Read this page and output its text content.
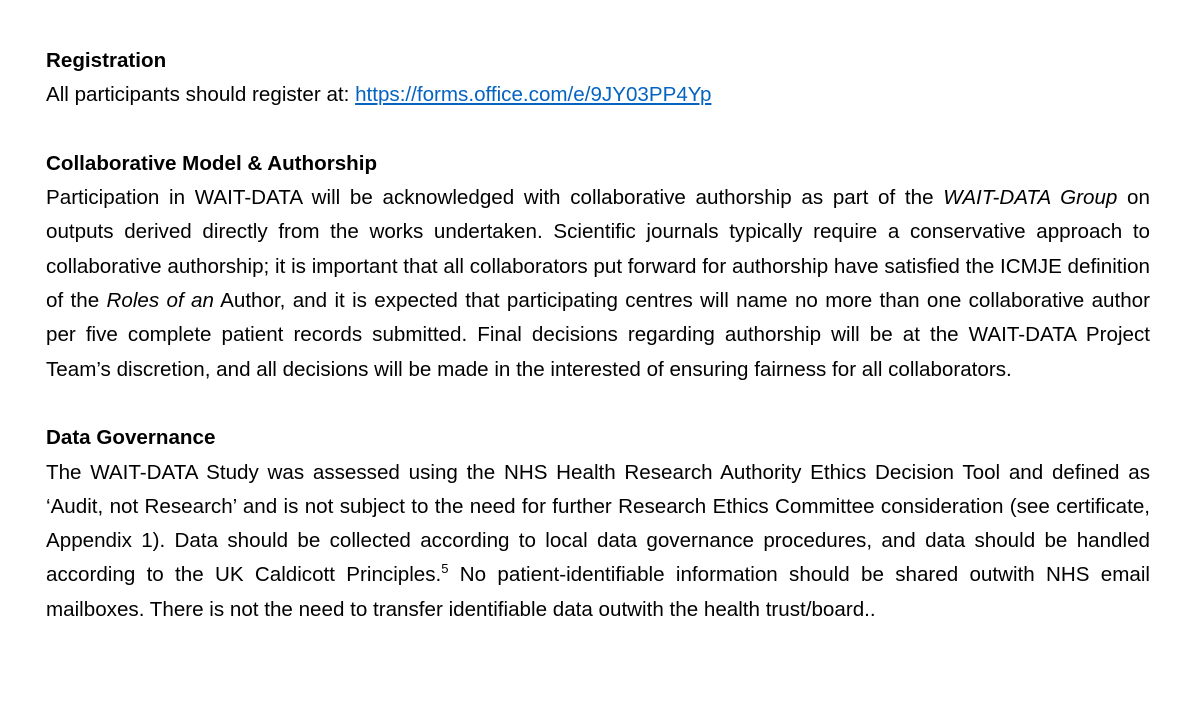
Registration

All participants should register at: https://forms.office.com/e/9JY03PP4Yp

Collaborative Model & Authorship

Participation in WAIT-DATA will be acknowledged with collaborative authorship as part of the WAIT-DATA Group on outputs derived directly from the works undertaken. Scientific journals typically require a conservative approach to collaborative authorship; it is important that all collaborators put forward for authorship have satisfied the ICMJE definition of the Roles of an Author, and it is expected that participating centres will name no more than one collaborative author per five complete patient records submitted. Final decisions regarding authorship will be at the WAIT-DATA Project Team’s discretion, and all decisions will be made in the interested of ensuring fairness for all collaborators.

Data Governance

The WAIT-DATA Study was assessed using the NHS Health Research Authority Ethics Decision Tool and defined as ‘Audit, not Research’ and is not subject to the need for further Research Ethics Committee consideration (see certificate, Appendix 1). Data should be collected according to local data governance procedures, and data should be handled according to the UK Caldicott Principles.$^5$ No patient-identifiable information should be shared outwith NHS email mailboxes. There is not the need to transfer identifiable data outwith the health trust/board..
